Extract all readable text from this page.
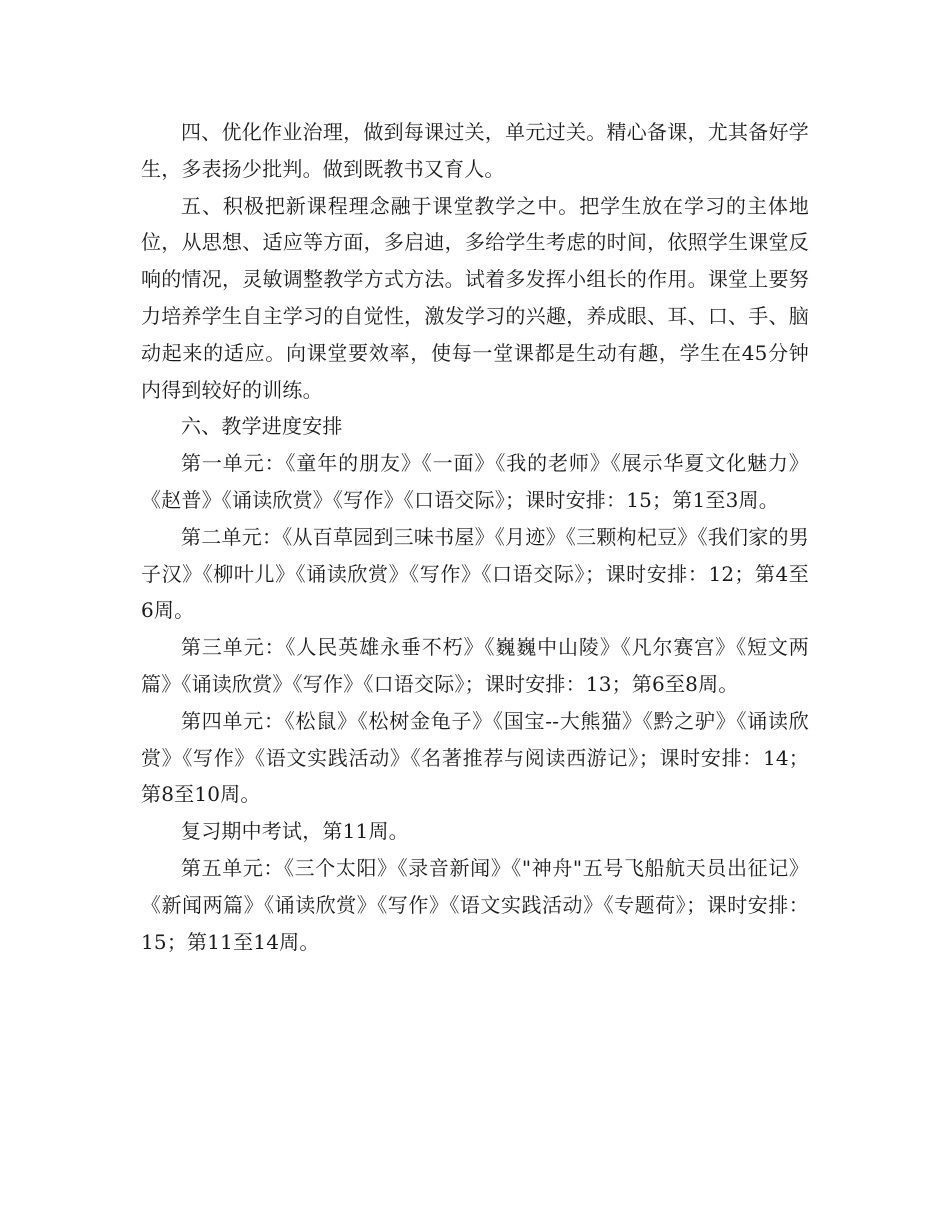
四、优化作业治理，做到每课过关，单元过关。精心备课，尤其备好学生，多表扬少批判。做到既教书又育人。

五、积极把新课程理念融于课堂教学之中。把学生放在学习的主体地位，从思想、适应等方面，多启迪，多给学生考虑的时间，依照学生课堂反响的情况，灵敏调整教学方式方法。试着多发挥小组长的作用。课堂上要努力培养学生自主学习的自觉性，激发学习的兴趣，养成眼、耳、口、手、脑动起来的适应。向课堂要效率，使每一堂课都是生动有趣，学生在45分钟内得到较好的训练。

六、教学进度安排

第一单元：《童年的朋友》《一面》《我的老师》《展示华夏文化魅力》《赵普》《诵读欣赏》《写作》《口语交际》；课时安排：15；第1至3周。

第二单元：《从百草园到三味书屋》《月迹》《三颗枸杞豆》《我们家的男子汉》《柳叶儿》《诵读欣赏》《写作》《口语交际》；课时安排：12；第4至6周。

第三单元：《人民英雄永垂不朽》《巍巍中山陵》《凡尔赛宫》《短文两篇》《诵读欣赏》《写作》《口语交际》；课时安排：13；第6至8周。

第四单元：《松鼠》《松树金龟子》《国宝--大熊猫》《黔之驴》《诵读欣赏》《写作》《语文实践活动》《名著推荐与阅读西游记》；课时安排：14；第8至10周。

复习期中考试，第11周。

第五单元：《三个太阳》《录音新闻》《"神舟"五号飞船航天员出征记》《新闻两篇》《诵读欣赏》《写作》《语文实践活动》《专题荷》；课时安排：15；第11至14周。
